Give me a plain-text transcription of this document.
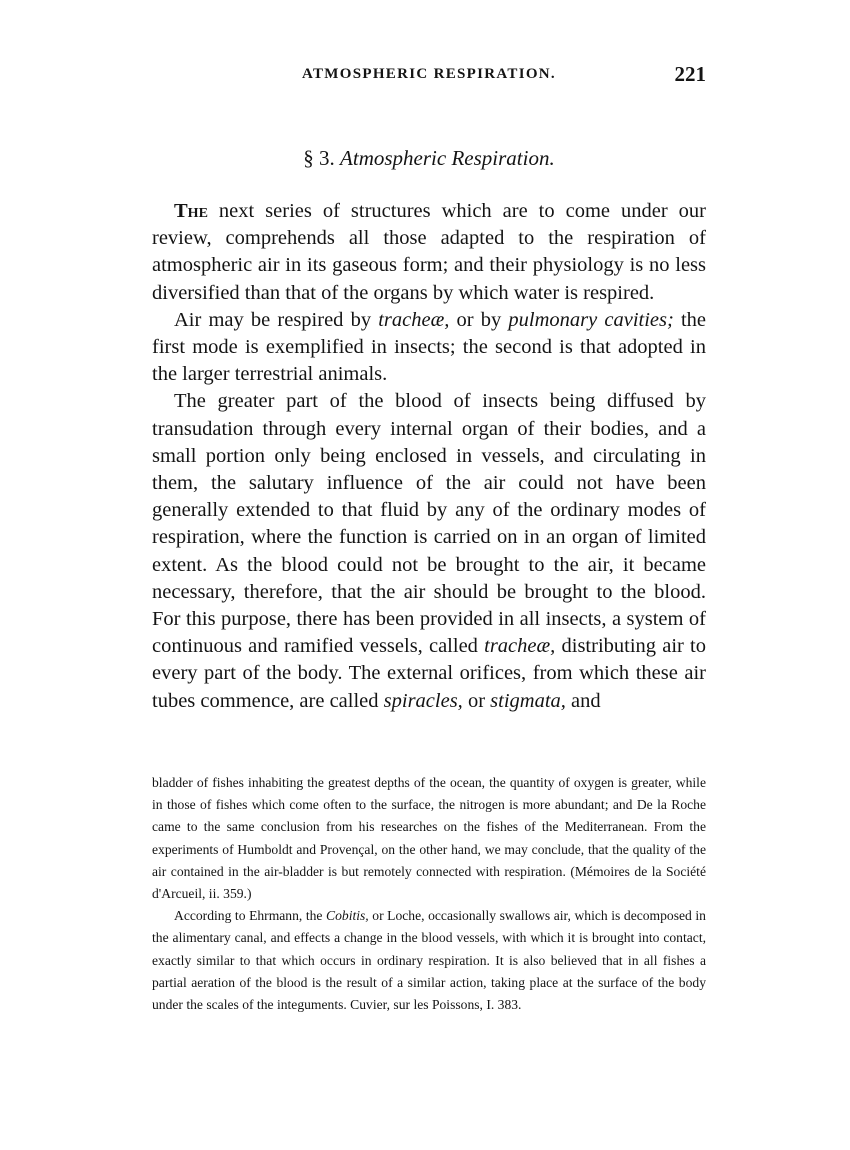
ATMOSPHERIC RESPIRATION.	221
§ 3. Atmospheric Respiration.

The next series of structures which are to come under our review, comprehends all those adapted to the respiration of atmospheric air in its gaseous form; and their physiology is no less diversified than that of the organs by which water is respired.

Air may be respired by tracheæ, or by pulmonary cavities; the first mode is exemplified in insects; the second is that adopted in the larger terrestrial animals.

The greater part of the blood of insects being diffused by transudation through every internal organ of their bodies, and a small portion only being enclosed in vessels, and circulating in them, the salutary influence of the air could not have been generally extended to that fluid by any of the ordinary modes of respiration, where the function is carried on in an organ of limited extent. As the blood could not be brought to the air, it became necessary, therefore, that the air should be brought to the blood. For this purpose, there has been provided in all insects, a system of continuous and ramified vessels, called tracheæ, distributing air to every part of the body. The external orifices, from which these air tubes commence, are called spiracles, or stigmata, and

bladder of fishes inhabiting the greatest depths of the ocean, the quantity of oxygen is greater, while in those of fishes which come often to the surface, the nitrogen is more abundant; and De la Roche came to the same conclusion from his researches on the fishes of the Mediterranean. From the experiments of Humboldt and Provençal, on the other hand, we may conclude, that the quality of the air contained in the air-bladder is but remotely connected with respiration. (Mémoires de la Société d'Arcueil, ii. 359.)

According to Ehrmann, the Cobitis, or Loche, occasionally swallows air, which is decomposed in the alimentary canal, and effects a change in the blood vessels, with which it is brought into contact, exactly similar to that which occurs in ordinary respiration. It is also believed that in all fishes a partial aeration of the blood is the result of a similar action, taking place at the surface of the body under the scales of the integuments. Cuvier, sur les Poissons, I. 383.
